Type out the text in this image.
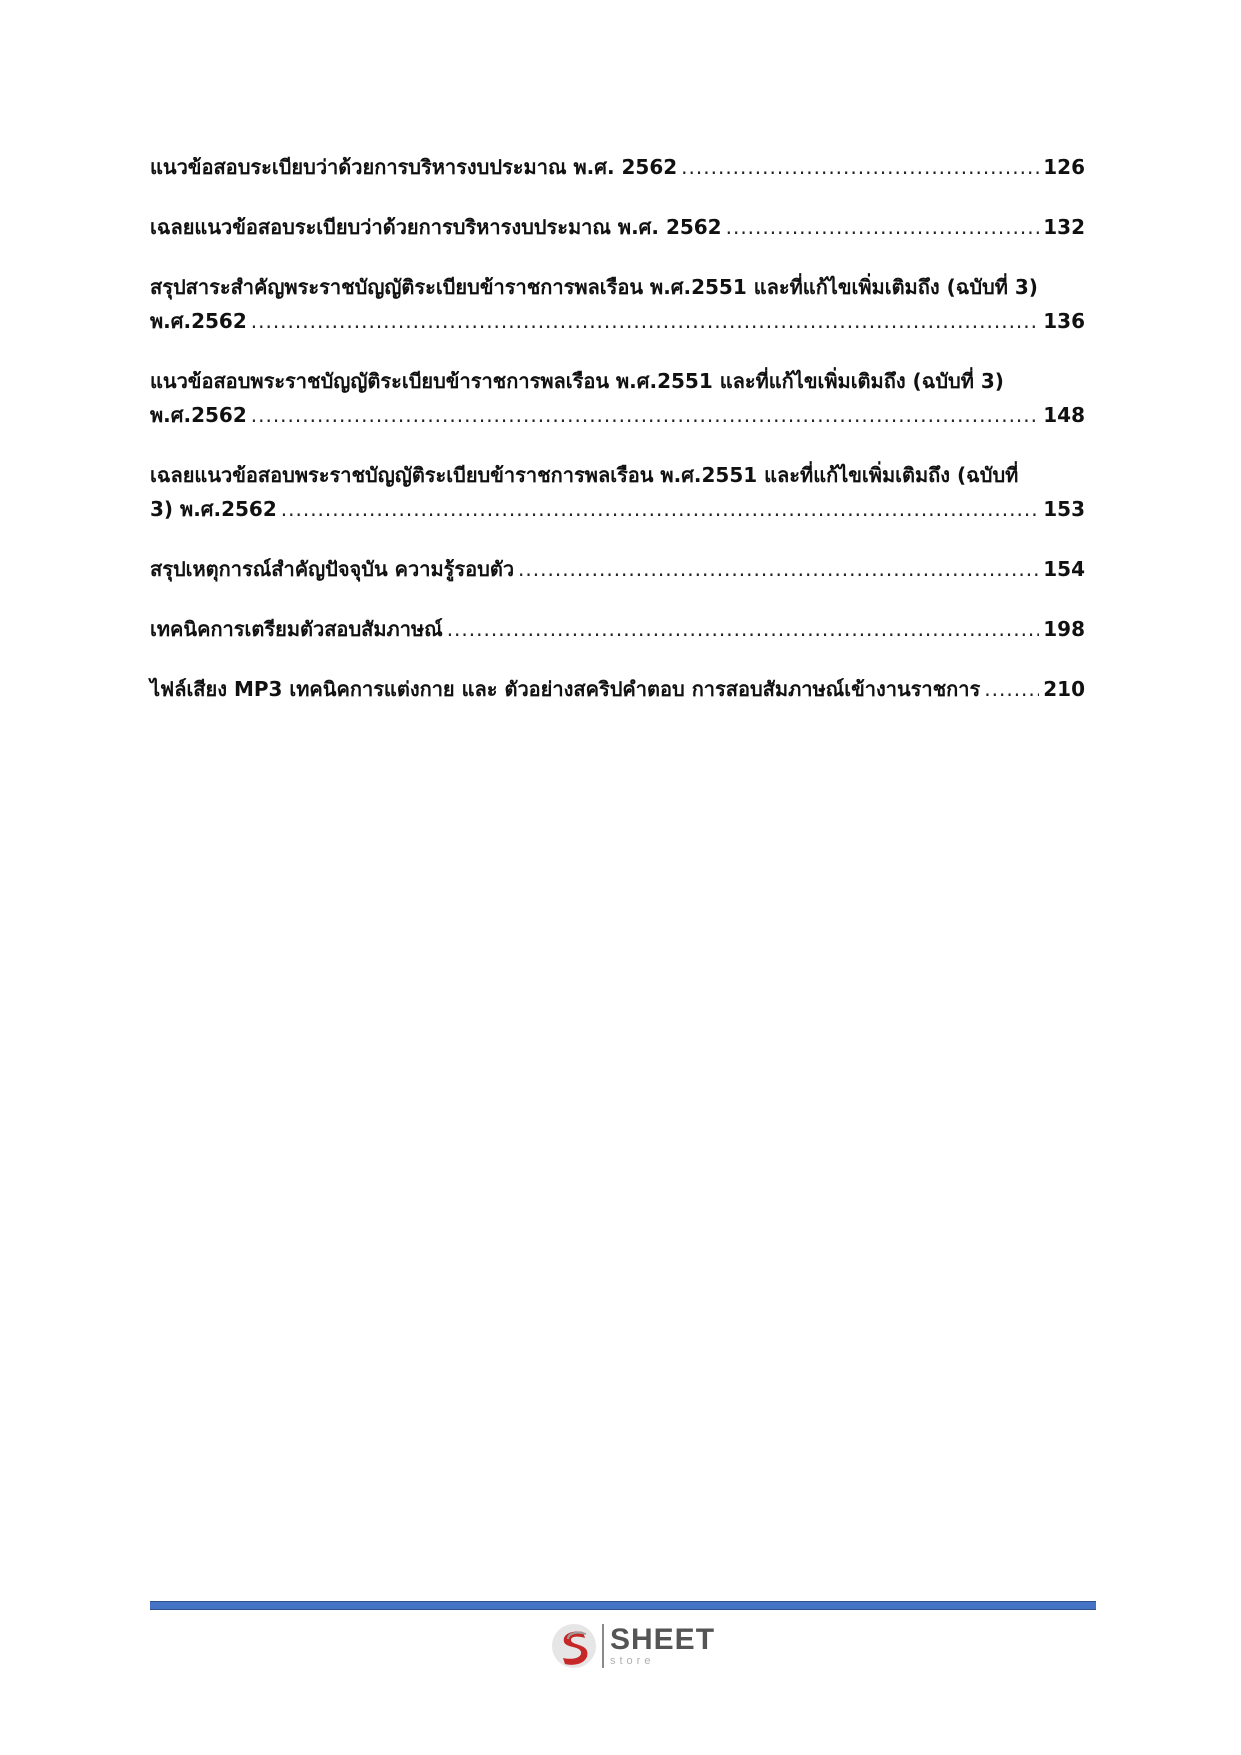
แนวข้อสอบระเบียบว่าด้วยการบริหารงบประมาณ พ.ศ. 2562 .....	126
เฉลยแนวข้อสอบระเบียบว่าด้วยการบริหารงบประมาณ พ.ศ. 2562 .....	132
สรุปสาระสำคัญพระราชบัญญัติระเบียบข้าราชการพลเรือน พ.ศ.2551 และที่แก้ไขเพิ่มเติมถึง (ฉบับที่ 3)
พ.ศ.2562 .....	136
แนวข้อสอบพระราชบัญญัติระเบียบข้าราชการพลเรือน พ.ศ.2551 และที่แก้ไขเพิ่มเติมถึง (ฉบับที่ 3)
พ.ศ.2562 .....	148
เฉลยแนวข้อสอบพระราชบัญญัติระเบียบข้าราชการพลเรือน พ.ศ.2551 และที่แก้ไขเพิ่มเติมถึง (ฉบับที่
3) พ.ศ.2562 .....	153
สรุปเหตุการณ์สำคัญปัจจุบัน ความรู้รอบตัว .....	154
เทคนิคการเตรียมตัวสอบสัมภาษณ์ .....	198
ไฟล์เสียง MP3 เทคนิคการแต่งกาย และ ตัวอย่างสคริปคำตอบ การสอบสัมภาษณ์เข้างานราชการ .....	210
SHEET
store
